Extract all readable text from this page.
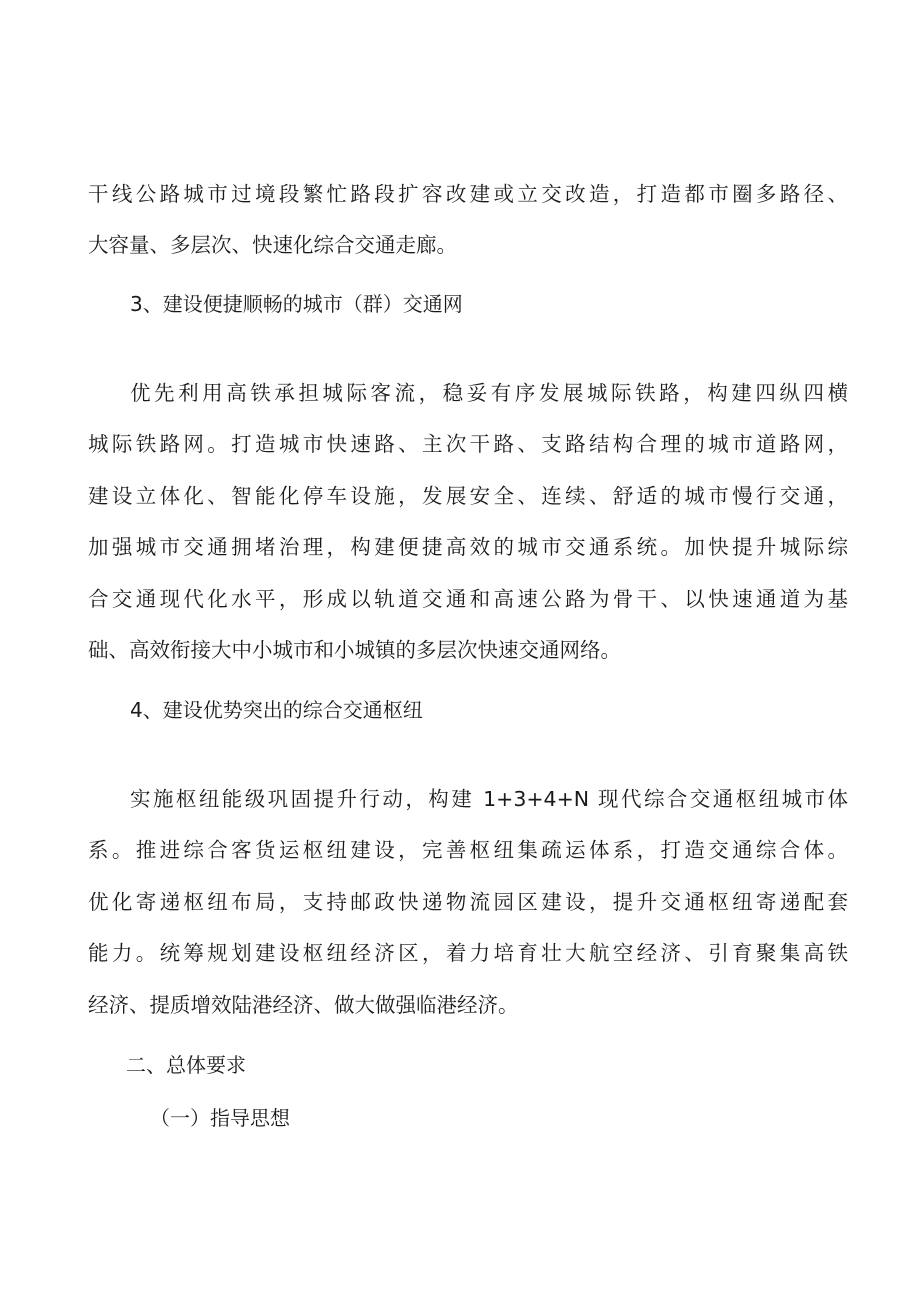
干线公路城市过境段繁忙路段扩容改建或立交改造，打造都市圈多路径、
大容量、多层次、快速化综合交通走廊。
3、建设便捷顺畅的城市（群）交通网
优先利用高铁承担城际客流，稳妥有序发展城际铁路，构建四纵四横
城际铁路网。打造城市快速路、主次干路、支路结构合理的城市道路网，
建设立体化、智能化停车设施，发展安全、连续、舒适的城市慢行交通，
加强城市交通拥堵治理，构建便捷高效的城市交通系统。加快提升城际综
合交通现代化水平，形成以轨道交通和高速公路为骨干、以快速通道为基
础、高效衔接大中小城市和小城镇的多层次快速交通网络。
4、建设优势突出的综合交通枢纽
实施枢纽能级巩固提升行动，构建 1+3+4+N 现代综合交通枢纽城市体
系。推进综合客货运枢纽建设，完善枢纽集疏运体系，打造交通综合体。
优化寄递枢纽布局，支持邮政快递物流园区建设，提升交通枢纽寄递配套
能力。统筹规划建设枢纽经济区，着力培育壮大航空经济、引育聚集高铁
经济、提质增效陆港经济、做大做强临港经济。
二、总体要求
（一）指导思想
